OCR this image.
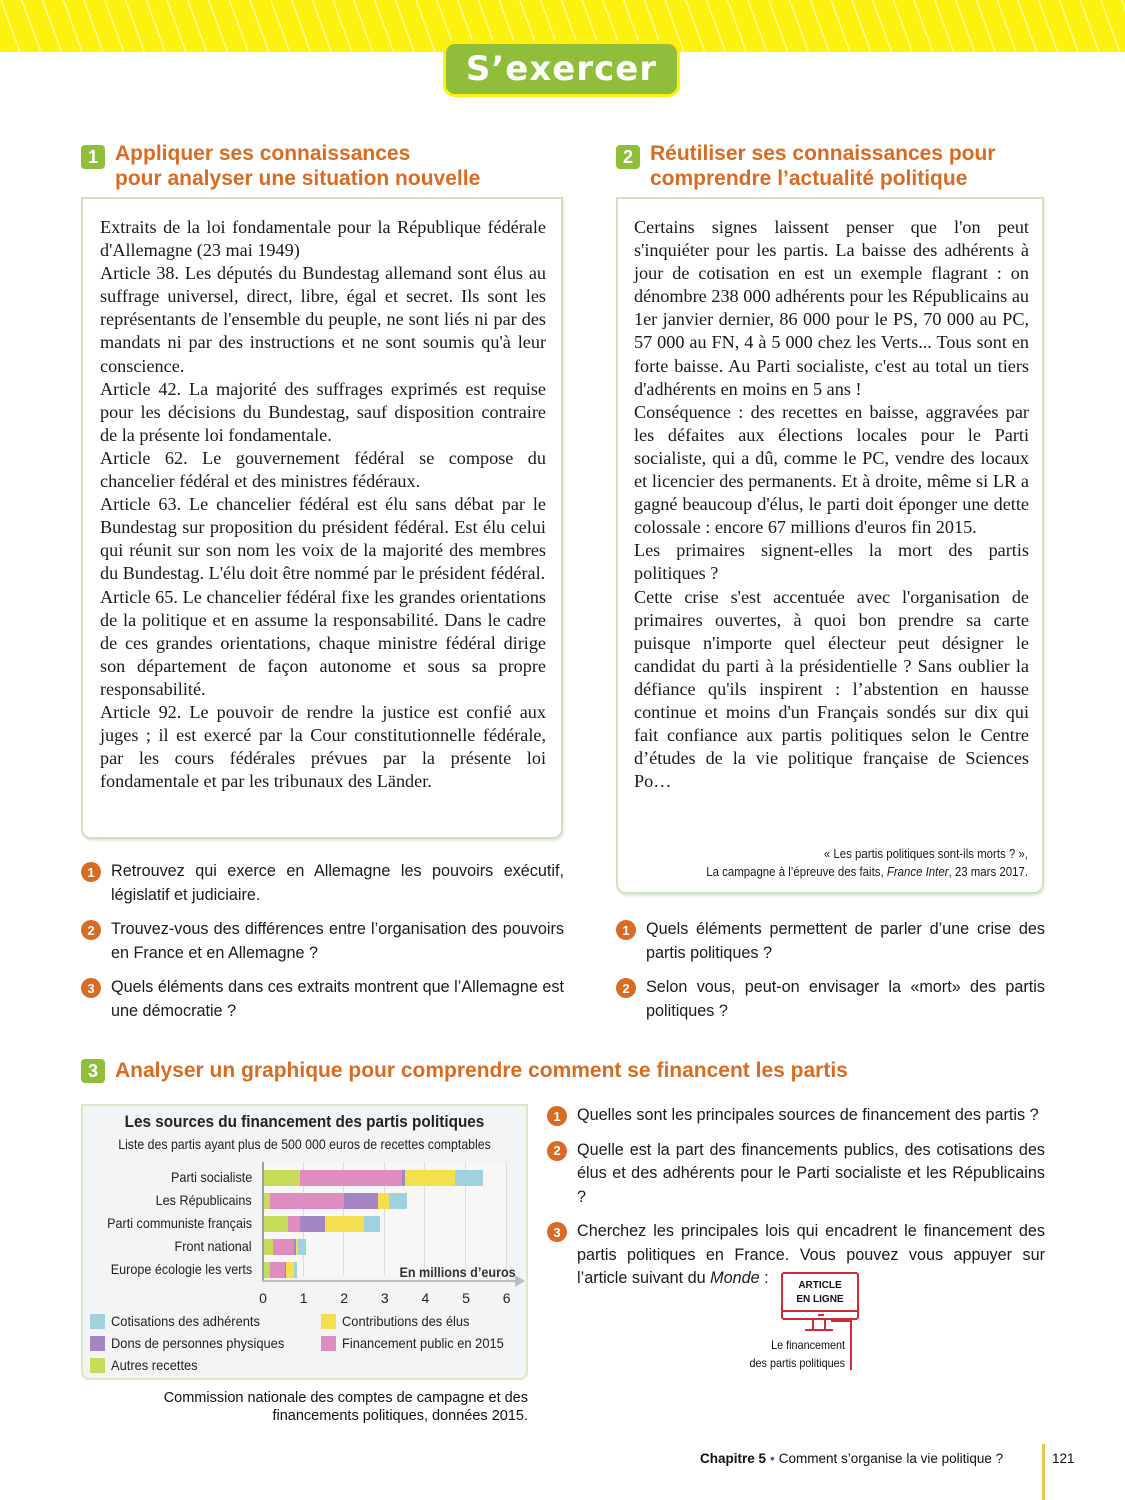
S’exercer
1 Appliquer ses connaissances
pour analyser une situation nouvelle

Extraits de la loi fondamentale pour la République fédérale d'Allemagne (23 mai 1949)

Article 38. Les députés du Bundestag allemand sont élus au suffrage universel, direct, libre, égal et secret. Ils sont les représentants de l'ensemble du peuple, ne sont liés ni par des mandats ni par des instructions et ne sont soumis qu'à leur conscience.

Article 42. La majorité des suffrages exprimés est requise pour les décisions du Bundestag, sauf disposition contraire de la présente loi fondamentale.

Article 62. Le gouvernement fédéral se compose du chancelier fédéral et des ministres fédéraux.

Article 63. Le chancelier fédéral est élu sans débat par le Bundestag sur proposition du président fédéral. Est élu celui qui réunit sur son nom les voix de la majorité des membres du Bundestag. L'élu doit être nommé par le président fédéral.

Article 65. Le chancelier fédéral fixe les grandes orientations de la politique et en assume la responsabilité. Dans le cadre de ces grandes orientations, chaque ministre fédéral dirige son département de façon autonome et sous sa propre responsabilité.

Article 92. Le pouvoir de rendre la justice est confié aux juges ; il est exercé par la Cour constitutionnelle fédérale, par les cours fédérales prévues par la présente loi fondamentale et par les tribunaux des Länder.

1	Retrouvez qui exerce en Allemagne les pouvoirs exécutif, législatif et judiciaire.
2	Trouvez-vous des différences entre l’organisation des pouvoirs en France et en Allemagne ?
3	Quels éléments dans ces extraits montrent que l’Allemagne est une démocratie ?
2 Réutiliser ses connaissances pour
comprendre l’actualité politique

Certains signes laissent penser que l'on peut s'inquiéter pour les partis. La baisse des adhérents à jour de cotisation en est un exemple flagrant : on dénombre 238 000 adhérents pour les Républicains au 1er janvier dernier, 86 000 pour le PS, 70 000 au PC, 57 000 au FN, 4 à 5 000 chez les Verts... Tous sont en forte baisse. Au Parti socialiste, c'est au total un tiers d'adhérents en moins en 5 ans !

Conséquence : des recettes en baisse, aggravées par les défaites aux élections locales pour le Parti socialiste, qui a dû, comme le PC, vendre des locaux et licencier des permanents. Et à droite, même si LR a gagné beaucoup d'élus, le parti doit éponger une dette colossale : encore 67 millions d'euros fin 2015.

Les primaires signent-elles la mort des partis politiques ?

Cette crise s'est accentuée avec l'organisation de primaires ouvertes, à quoi bon prendre sa carte puisque n'importe quel électeur peut désigner le candidat du parti à la présidentielle ? Sans oublier la défiance qu'ils inspirent : l’abstention en hausse continue et moins d'un Français sondés sur dix qui fait confiance aux partis politiques selon le Centre d’études de la vie politique française de Sciences Po…

« Les partis politiques sont-ils morts ? »,
La campagne à l’épreuve des faits, France Inter, 23 mars 2017.
1	Quels éléments permettent de parler d’une crise des partis politiques ?
2	Selon vous, peut-on envisager la «mort» des partis politiques ?
3 Analyser un graphique pour comprendre comment se financent les partis
Les sources du financement des partis politiques
Liste des partis ayant plus de 500 000 euros de recettes comptables
Parti socialiste
Les Républicains
Parti communiste français
Front national
Europe écologie les verts
0	1	2	3	4	5	6
En millions d’euros
Cotisations des adhérents	Contributions des élus
Dons de personnes physiques	Financement public en 2015
Autres recettes
Commission nationale des comptes de campagne et des financements politiques, données 2015.
1	Quelles sont les principales sources de financement des partis ?
2	Quelle est la part des financements publics, des cotisations des élus et des adhérents pour le Parti socialiste et les Républicains ?
3	Cherchez les principales lois qui encadrent le financement des partis politiques en France. Vous pouvez vous appuyer sur l’article suivant du Monde :	ARTICLE
EN LIGNE
Le financement
des partis politiques
Chapitre 5 • Comment s’organise la vie politique ?	121
